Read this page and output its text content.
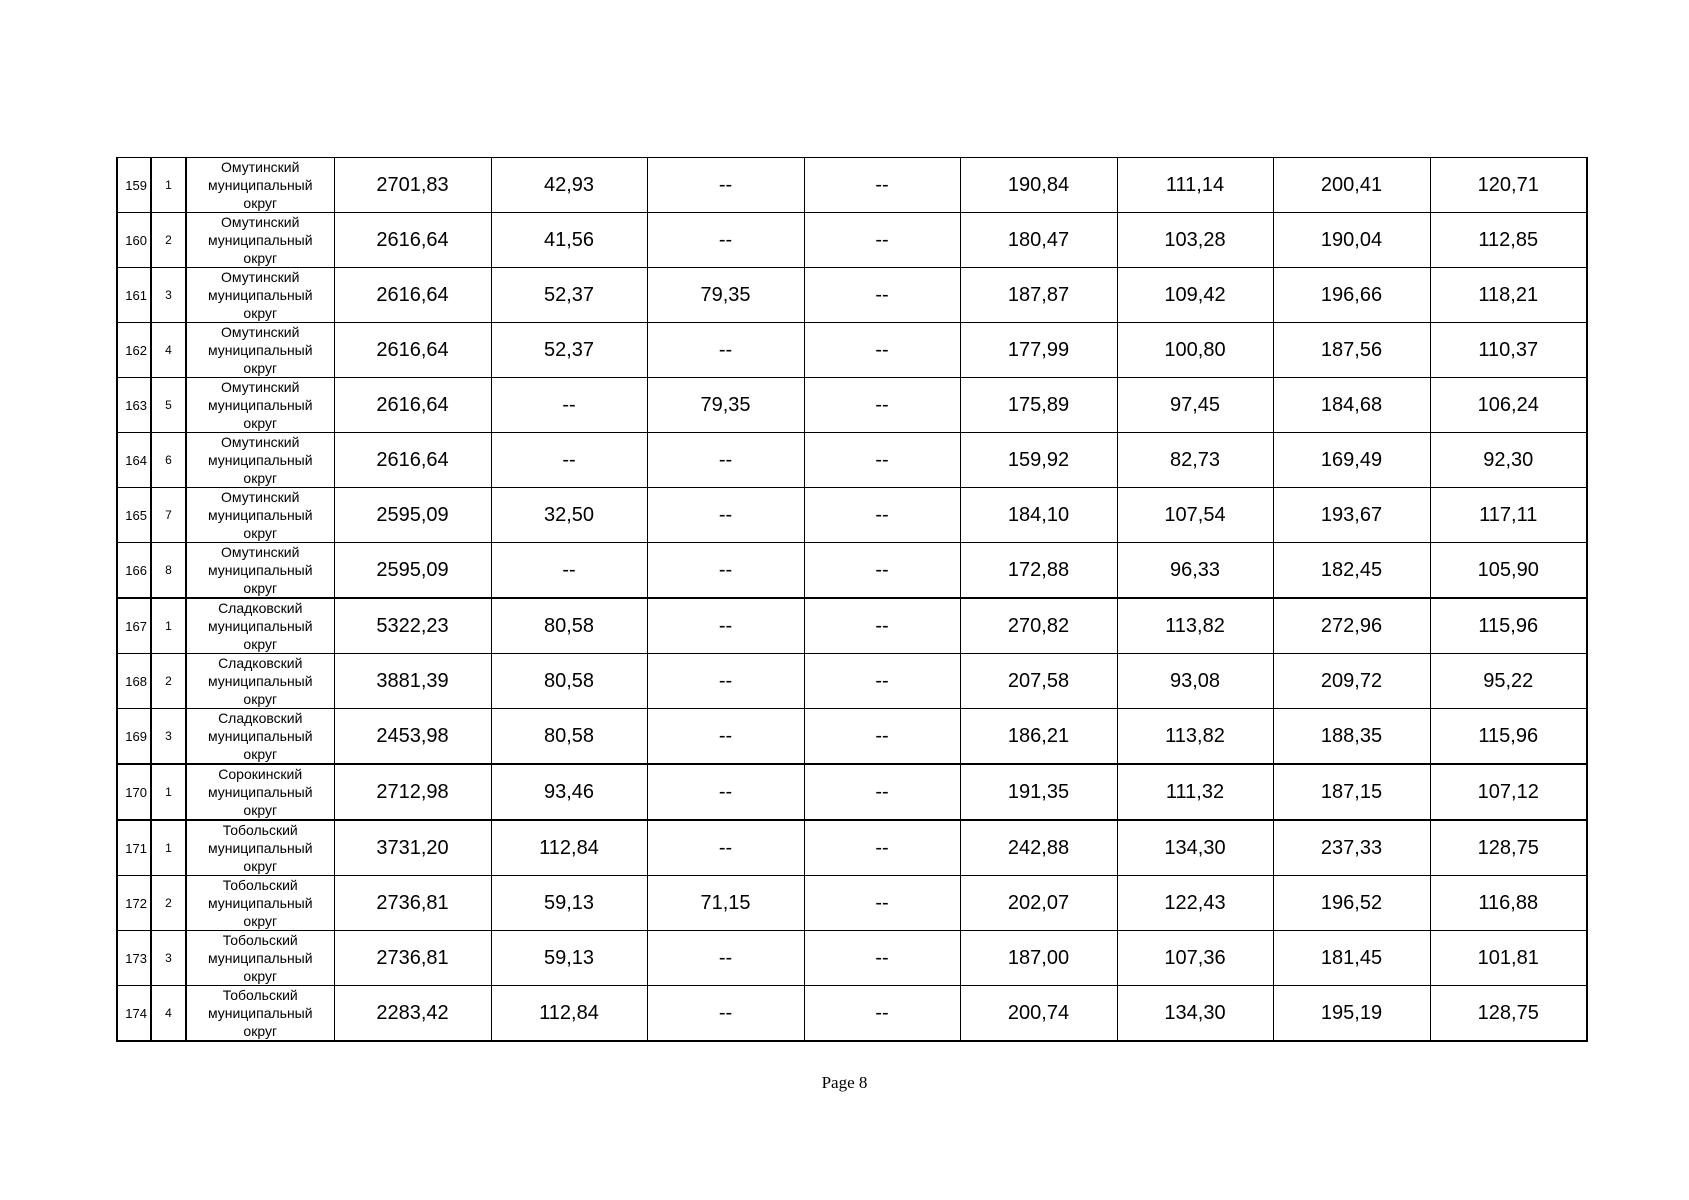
159	1	Омутинский
муниципальный
округ	2701,83	42,93	--	--	190,84	111,14	200,41	120,71
160	2	Омутинский
муниципальный
округ	2616,64	41,56	--	--	180,47	103,28	190,04	112,85
161	3	Омутинский
муниципальный
округ	2616,64	52,37	79,35	--	187,87	109,42	196,66	118,21
162	4	Омутинский
муниципальный
округ	2616,64	52,37	--	--	177,99	100,80	187,56	110,37
163	5	Омутинский
муниципальный
округ	2616,64	--	79,35	--	175,89	97,45	184,68	106,24
164	6	Омутинский
муниципальный
округ	2616,64	--	--	--	159,92	82,73	169,49	92,30
165	7	Омутинский
муниципальный
округ	2595,09	32,50	--	--	184,10	107,54	193,67	117,11
166	8	Омутинский
муниципальный
округ	2595,09	--	--	--	172,88	96,33	182,45	105,90
167	1	Сладковский
муниципальный
округ	5322,23	80,58	--	--	270,82	113,82	272,96	115,96
168	2	Сладковский
муниципальный
округ	3881,39	80,58	--	--	207,58	93,08	209,72	95,22
169	3	Сладковский
муниципальный
округ	2453,98	80,58	--	--	186,21	113,82	188,35	115,96
170	1	Сорокинский
муниципальный
округ	2712,98	93,46	--	--	191,35	111,32	187,15	107,12
171	1	Тобольский
муниципальный
округ	3731,20	112,84	--	--	242,88	134,30	237,33	128,75
172	2	Тобольский
муниципальный
округ	2736,81	59,13	71,15	--	202,07	122,43	196,52	116,88
173	3	Тобольский
муниципальный
округ	2736,81	59,13	--	--	187,00	107,36	181,45	101,81
174	4	Тобольский
муниципальный
округ	2283,42	112,84	--	--	200,74	134,30	195,19	128,75
Page 8
